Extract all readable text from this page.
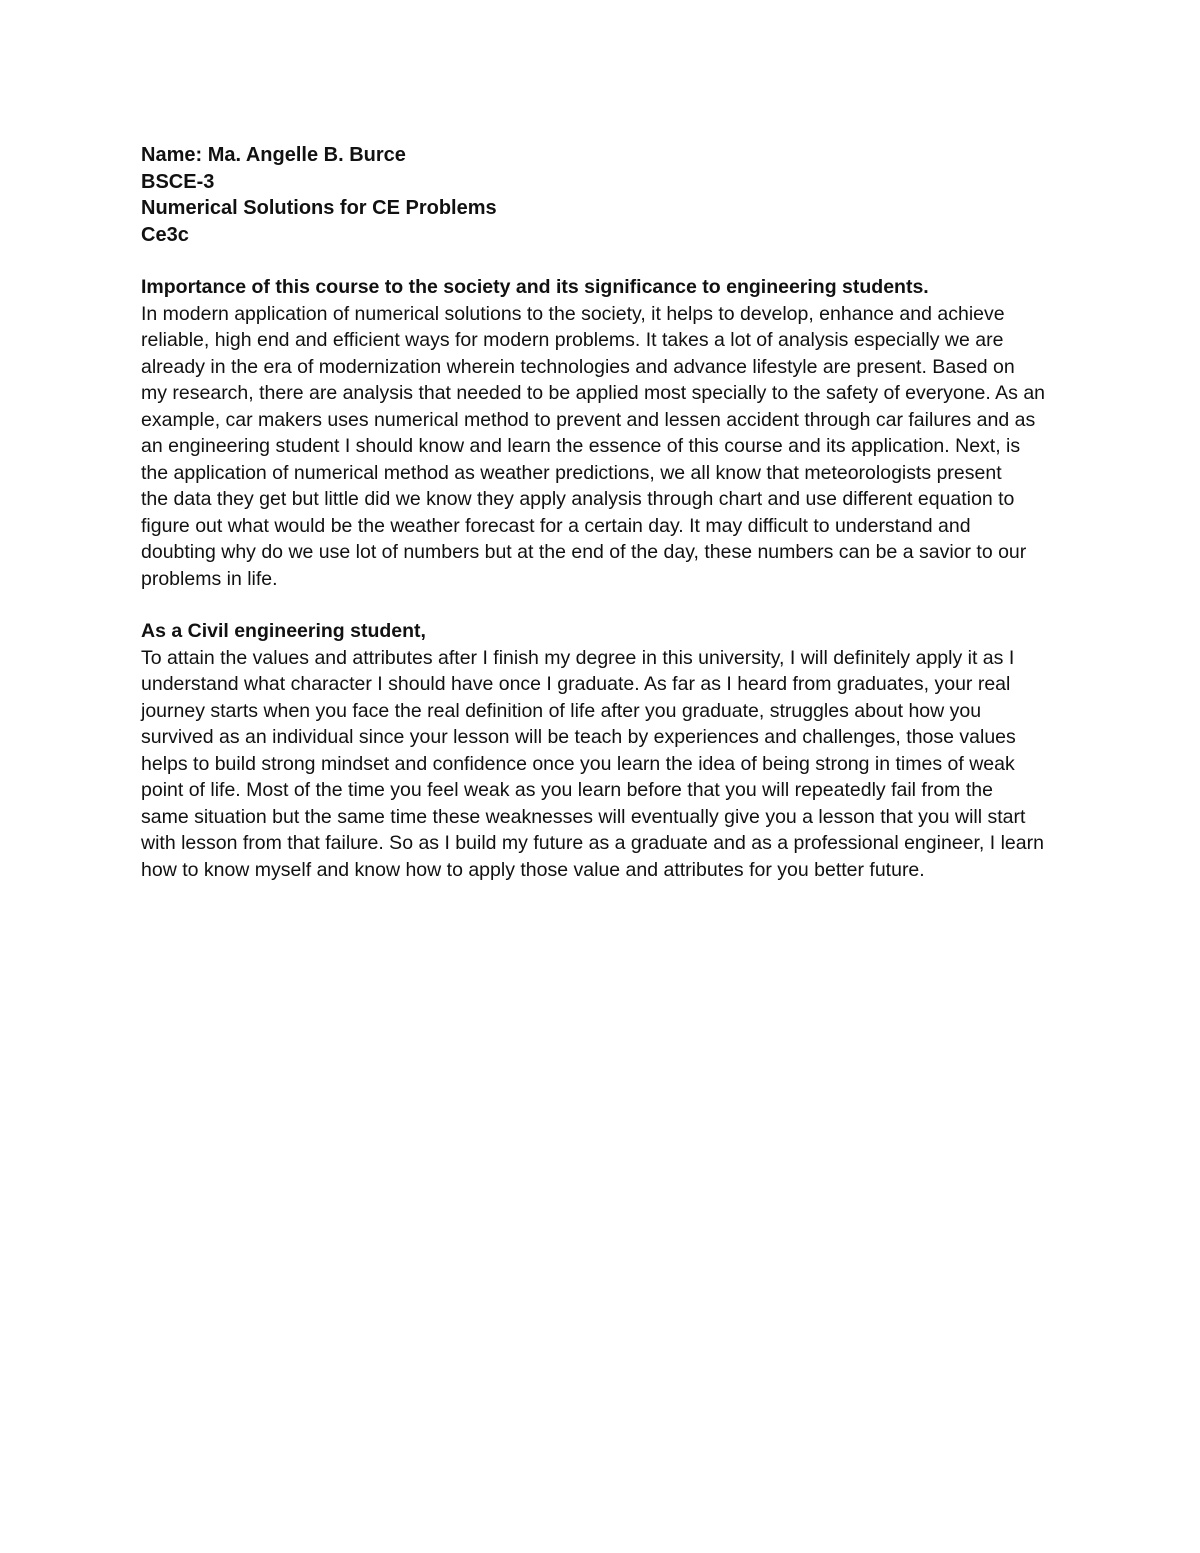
Name: Ma. Angelle B. Burce
BSCE-3
Numerical Solutions for CE Problems
Ce3c
Importance of this course to the society and its significance to engineering students.
In modern application of numerical solutions to the society, it helps to develop, enhance and achieve
reliable, high end and efficient ways for modern problems. It takes a lot of analysis especially we are
already in the era of modernization wherein technologies and advance lifestyle are present. Based on
my research, there are analysis that needed to be applied most specially to the safety of everyone. As an
example, car makers uses numerical method to prevent and lessen accident through car failures and as
an engineering student I should know and learn the essence of this course and its application. Next, is
the application of numerical method as weather predictions, we all know that meteorologists present
the data they get but little did we know they apply analysis through chart and use different equation to
figure out what would be the weather forecast for a certain day. It may difficult to understand and
doubting why do we use lot of numbers but at the end of the day, these numbers can be a savior to our
problems in life.
As a Civil engineering student,
To attain the values and attributes after I finish my degree in this university, I will definitely apply it as I
understand what character I should have once I graduate. As far as I heard from graduates, your real
journey starts when you face the real definition of life after you graduate, struggles about how you
survived as an individual since your lesson will be teach by experiences and challenges, those values
helps to build strong mindset and confidence once you learn the idea of being strong in times of weak
point of life. Most of the time you feel weak as you learn before that you will repeatedly fail from the
same situation but the same time these weaknesses will eventually give you a lesson that you will start
with lesson from that failure. So as I build my future as a graduate and as a professional engineer, I learn
how to know myself and know how to apply those value and attributes for you better future.
